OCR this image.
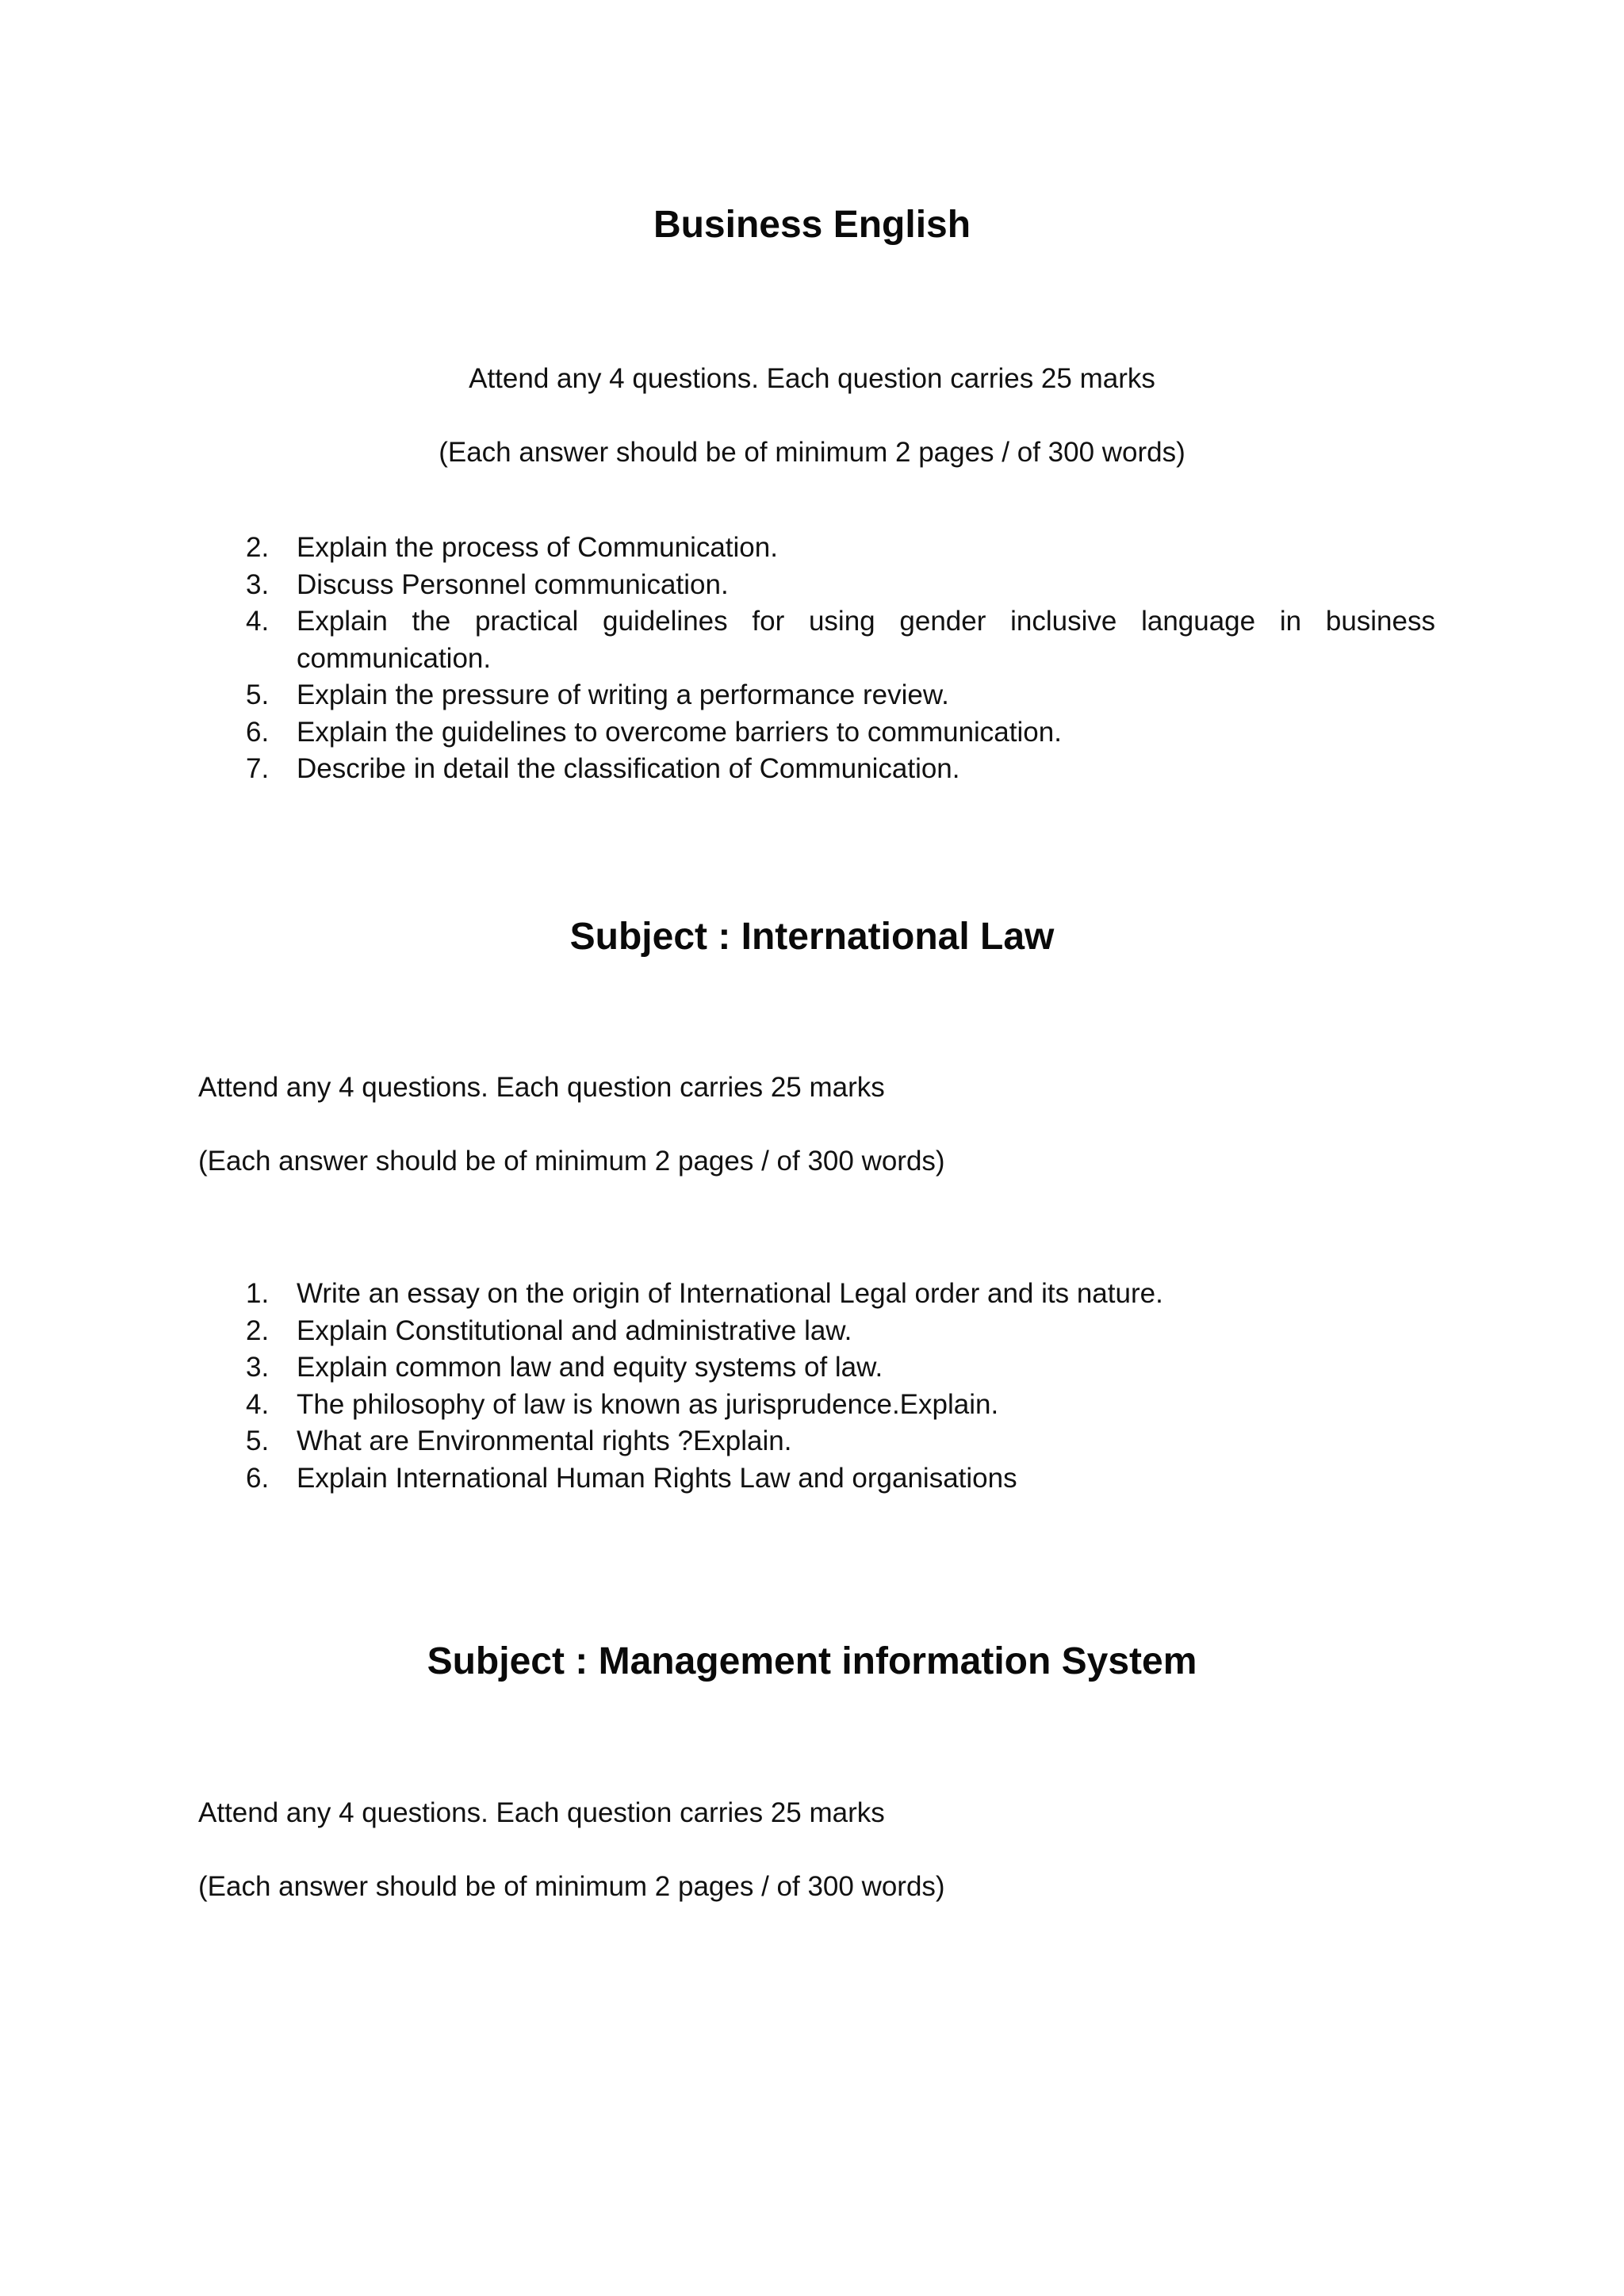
Business English

Attend any 4 questions. Each question carries 25 marks

(Each answer should be of minimum 2 pages / of 300 words)

2. Explain the process of Communication.
3. Discuss Personnel communication.
4. Explain the practical guidelines for using gender inclusive language in business communication.
5. Explain the pressure of writing a performance review.
6. Explain the guidelines to overcome barriers to communication.
7. Describe in detail the classification of Communication.
Subject : International Law

Attend any 4 questions. Each question carries 25 marks

(Each answer should be of minimum 2 pages / of 300 words)

1. Write an essay on the origin of International Legal order and its nature.
2. Explain Constitutional and administrative law.
3. Explain common law and equity systems of law.
4. The philosophy of law is known as jurisprudence.Explain.
5. What are Environmental rights ?Explain.
6. Explain International Human Rights Law and organisations
Subject : Management information System

Attend any 4 questions. Each question carries 25 marks

(Each answer should be of minimum 2 pages / of 300 words)
